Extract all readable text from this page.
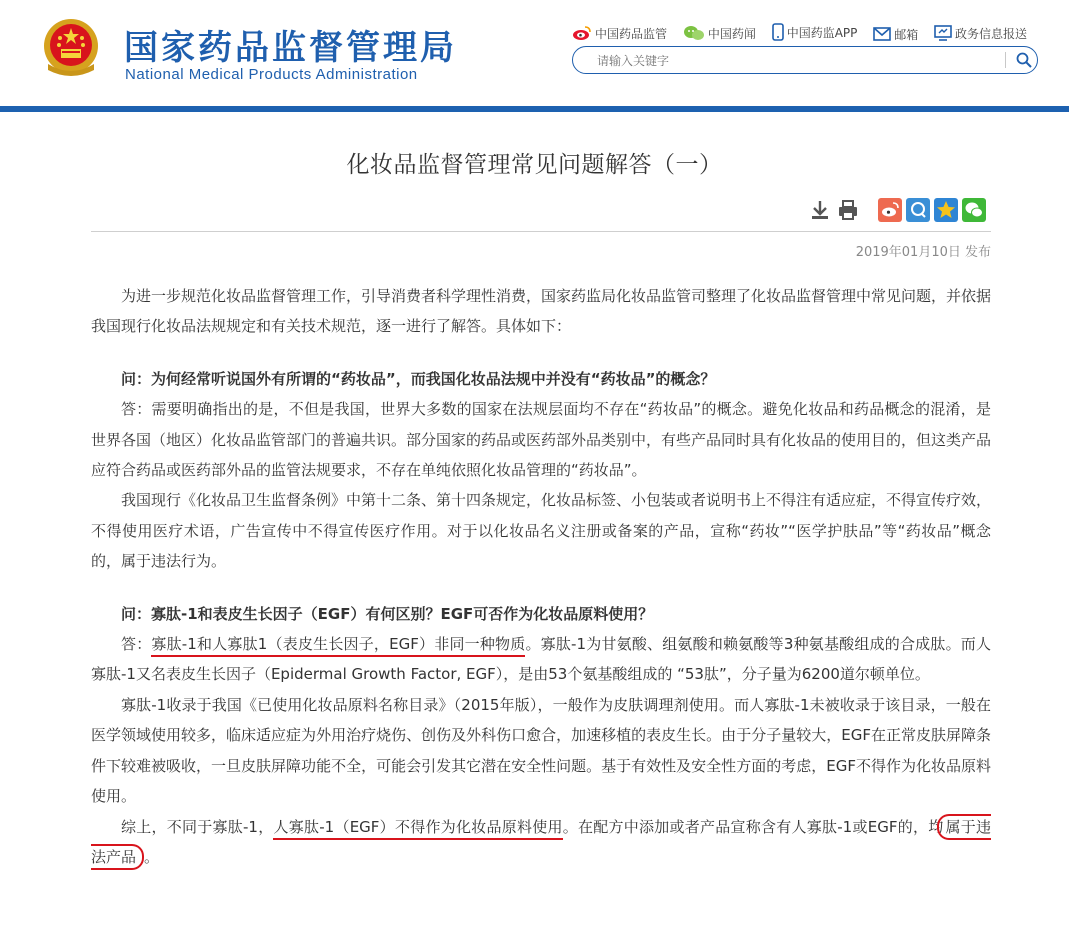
国家药品监督管理局
National Medical Products Administration
中国药品监管
	中国药闻
	中国药监APP
	邮箱
	政务信息报送
请输入关键字
化妆品监督管理常见问题解答（一）
2019年01月10日 发布

为进一步规范化妆品监督管理工作，引导消费者科学理性消费，国家药监局化妆品监管司整理了化妆品监督管理中常见问题，并依据我国现行化妆品法规规定和有关技术规范，逐一进行了解答。具体如下：

问：为何经常听说国外有所谓的“药妆品”，而我国化妆品法规中并没有“药妆品”的概念？

答：需要明确指出的是，不但是我国，世界大多数的国家在法规层面均不存在“药妆品”的概念。避免化妆品和药品概念的混淆，是世界各国（地区）化妆品监管部门的普遍共识。部分国家的药品或医药部外品类别中，有些产品同时具有化妆品的使用目的，但这类产品应符合药品或医药部外品的监管法规要求，不存在单纯依照化妆品管理的“药妆品”。

我国现行《化妆品卫生监督条例》中第十二条、第十四条规定，化妆品标签、小包装或者说明书上不得注有适应症，不得宣传疗效，不得使用医疗术语，广告宣传中不得宣传医疗作用。对于以化妆品名义注册或备案的产品，宣称“药妆”“医学护肤品”等“药妆品”概念的，属于违法行为。

问：寡肽-1和表皮生长因子（EGF）有何区别？EGF可否作为化妆品原料使用？

答：寡肽-1和人寡肽1（表皮生长因子，EGF）非同一种物质。寡肽-1为甘氨酸、组氨酸和赖氨酸等3种氨基酸组成的合成肽。而人寡肽-1又名表皮生长因子（Epidermal Growth Factor, EGF），是由53个氨基酸组成的 “53肽”，分子量为6200道尔顿单位。

寡肽-1收录于我国《已使用化妆品原料名称目录》（2015年版），一般作为皮肤调理剂使用。而人寡肽-1未被收录于该目录，一般在医学领域使用较多，临床适应症为外用治疗烧伤、创伤及外科伤口愈合，加速移植的表皮生长。由于分子量较大，EGF在正常皮肤屏障条件下较难被吸收，一旦皮肤屏障功能不全，可能会引发其它潜在安全性问题。基于有效性及安全性方面的考虑，EGF不得作为化妆品原料使用。

综上，不同于寡肽-1，人寡肽-1（EGF）不得作为化妆品原料使用。在配方中添加或者产品宣称含有人寡肽-1或EGF的，均 属于违法产品 。
